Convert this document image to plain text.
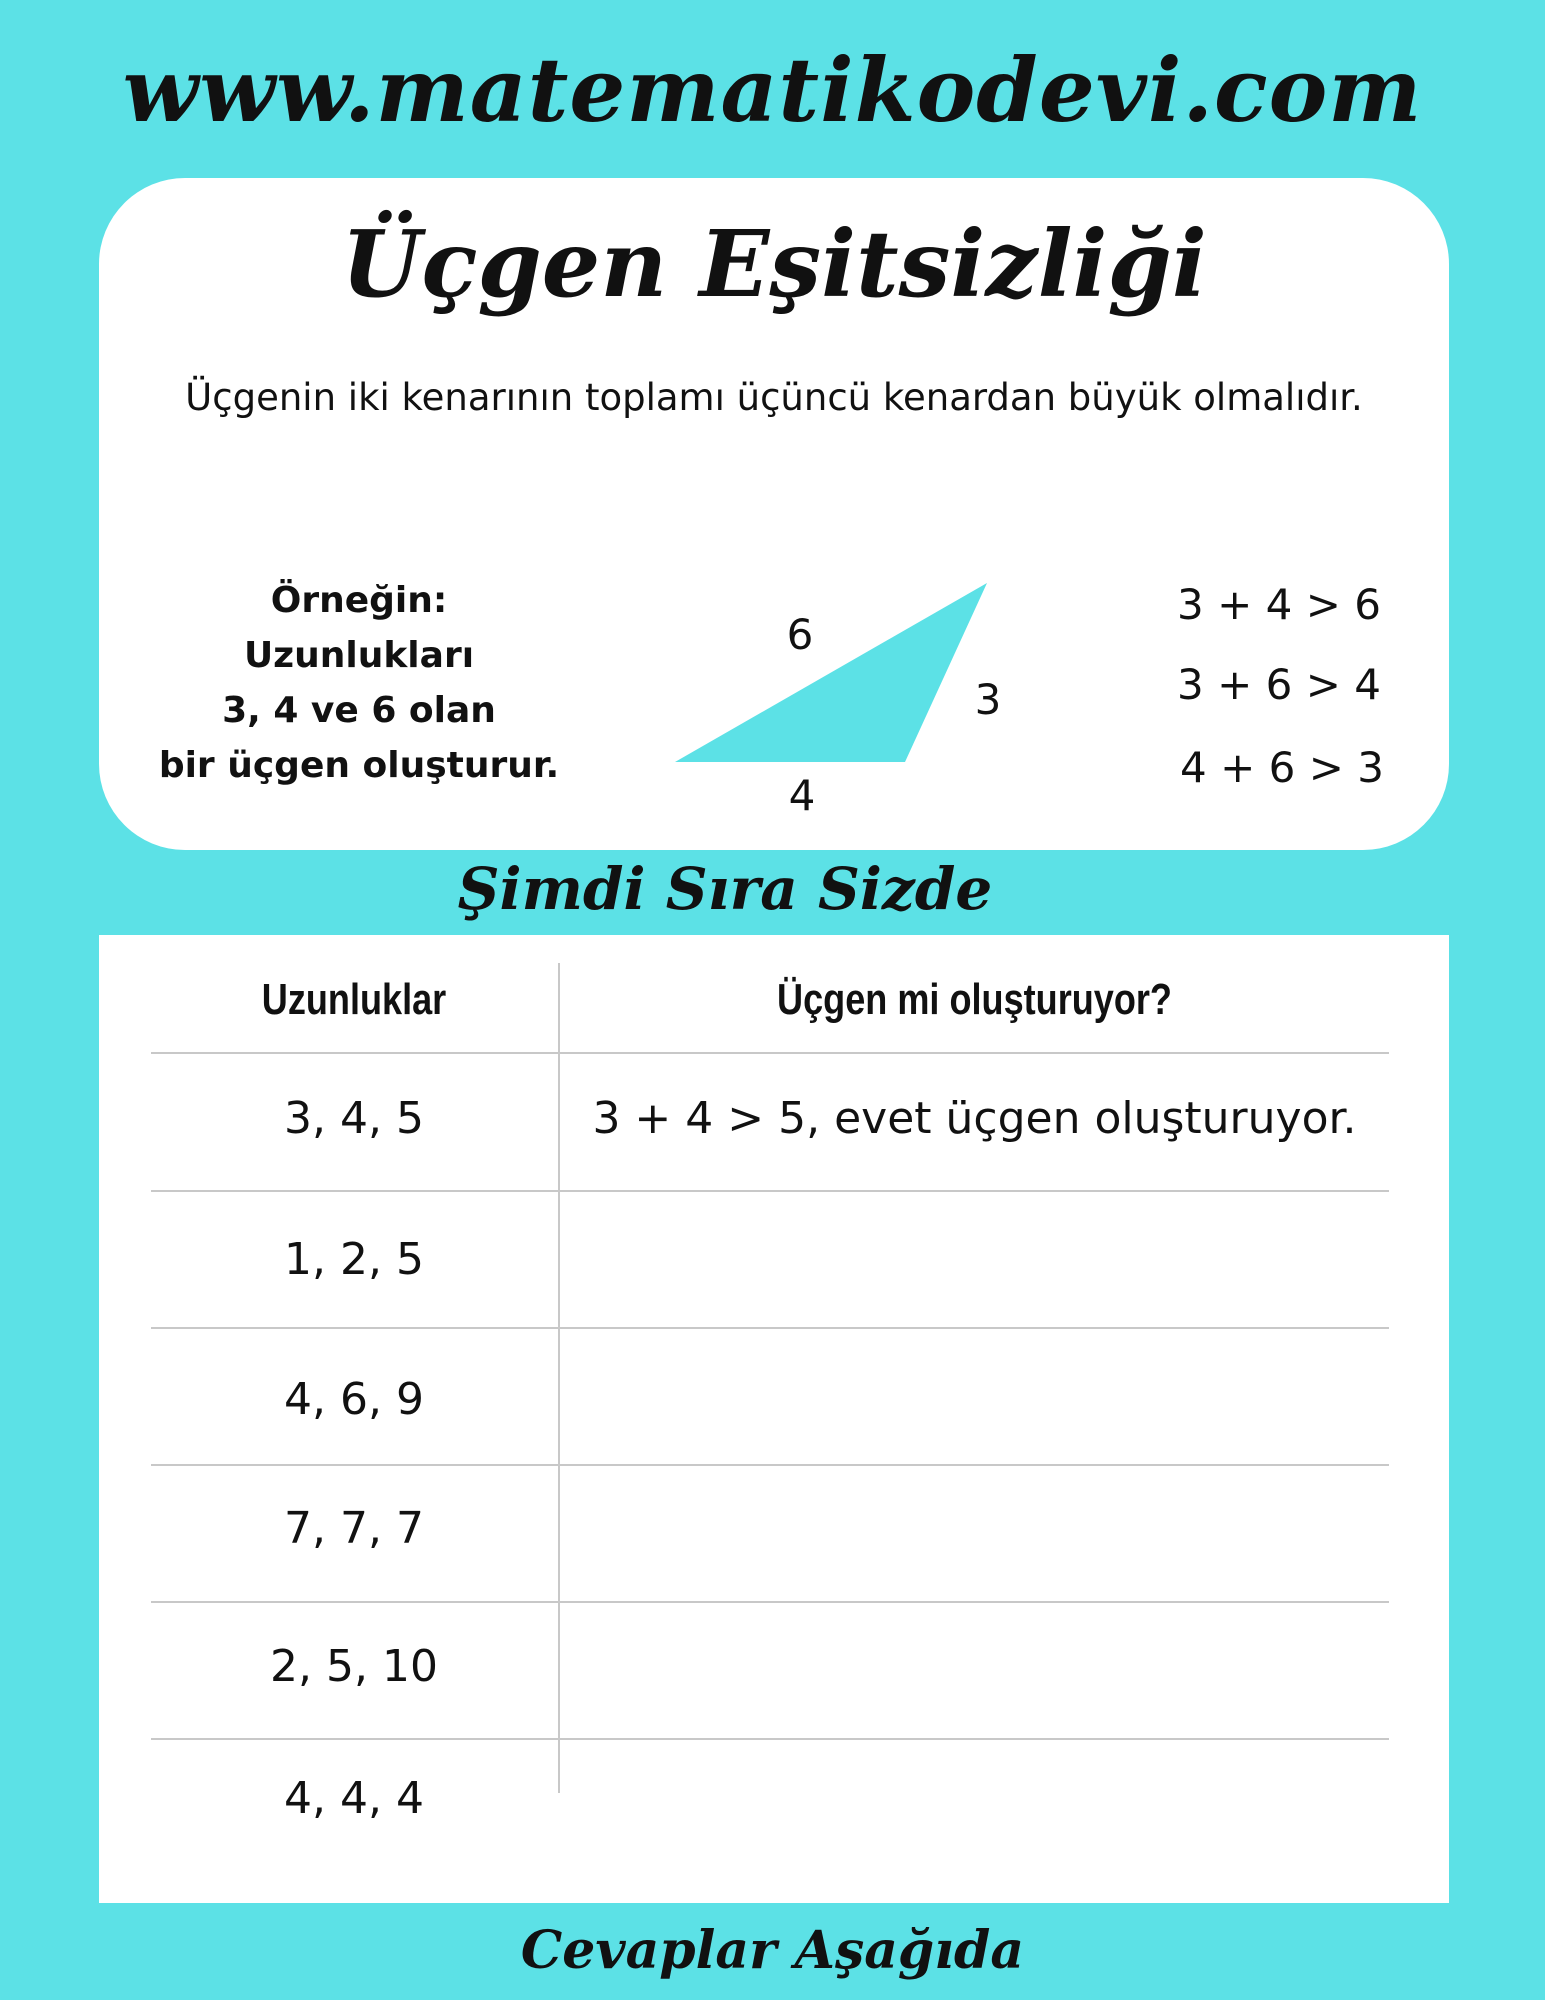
www.matematikodevi.com
Üçgen Eşitsizliği
Üçgenin iki kenarının toplamı üçüncü kenardan büyük olmalıdır.
Örneğin:
Uzunlukları
3, 4 ve 6 olan
bir üçgen oluşturur.
6
3
4
3 + 4 > 6
3 + 6 > 4
4 + 6 > 3
Şimdi Sıra Sizde
Uzunluklar	Üçgen mi oluşturuyor?
3, 4, 5	3 + 4 > 5, evet üçgen oluşturuyor.
1, 2, 5
4, 6, 9
7, 7, 7
2, 5, 10
4, 4, 4
Cevaplar Aşağıda
